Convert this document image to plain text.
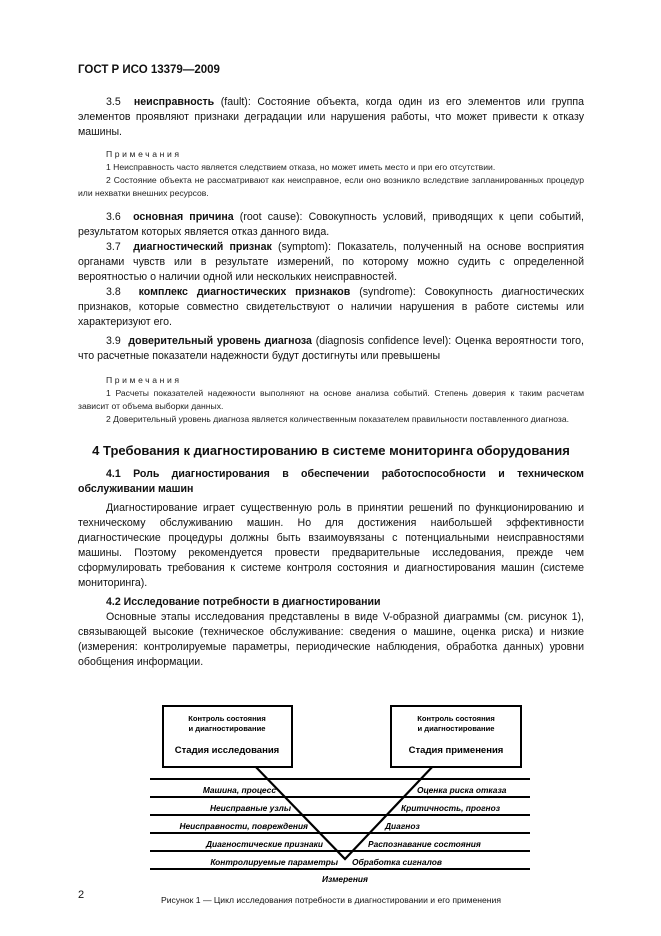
ГОСТ Р ИСО 13379—2009

3.5 неисправность (fault): Состояние объекта, когда один из его элементов или группа элементов проявляют признаки деградации или нарушения работы, что может привести к отказу машины.

Примечания

1 Неисправность часто является следствием отказа, но может иметь место и при его отсутствии.

2 Состояние объекта не рассматривают как неисправное, если оно возникло вследствие запланированных процедур или нехватки внешних ресурсов.

3.6 основная причина (root cause): Совокупность условий, приводящих к цепи событий, результатом которых является отказ данного вида.

3.7 диагностический признак (symptom): Показатель, полученный на основе восприятия органами чувств или в результате измерений, по которому можно судить с определенной вероятностью о наличии одной или нескольких неисправностей.

3.8 комплекс диагностических признаков (syndrome): Совокупность диагностических признаков, которые совместно свидетельствуют о наличии нарушения в работе системы или характеризуют его.

3.9 доверительный уровень диагноза (diagnosis confidence level): Оценка вероятности того, что расчетные показатели надежности будут достигнуты или превышены

Примечания

1 Расчеты показателей надежности выполняют на основе анализа событий. Степень доверия к таким расчетам зависит от объема выборки данных.

2 Доверительный уровень диагноза является количественным показателем правильности поставленного диагноза.

4 Требования к диагностированию в системе мониторинга оборудования

4.1 Роль диагностирования в обеспечении работоспособности и техническом обслуживании машин

Диагностирование играет существенную роль в принятии решений по функционированию и техническому обслуживанию машин. Но для достижения наибольшей эффективности диагностические процедуры должны быть взаимоувязаны с потенциальными неисправностями машины. Поэтому рекомендуется провести предварительные исследования, прежде чем сформулировать требования к системе контроля состояния и диагностирования машин (системе мониторинга).

4.2 Исследование потребности в диагностировании

Основные этапы исследования представлены в виде V-образной диаграммы (см. рисунок 1), связывающей высокие (техническое обслуживание: сведения о машине, оценка риска) и низкие (измерения: контролируемые параметры, периодические наблюдения, обработка данных) уровни обобщения информации.

Контроль состояния
и диагностирование
Стадия исследования
Контроль состояния
и диагностирование
Стадия применения
Машина, процесс
Неисправные узлы
Неисправности, повреждения
Диагностические признаки
Контролируемые параметры
Оценка риска отказа
Критичность, прогноз
Диагноз
Распознавание состояния
Обработка сигналов
Измерения
Рисунок 1 — Цикл исследования потребности в диагностировании и его применения
2
